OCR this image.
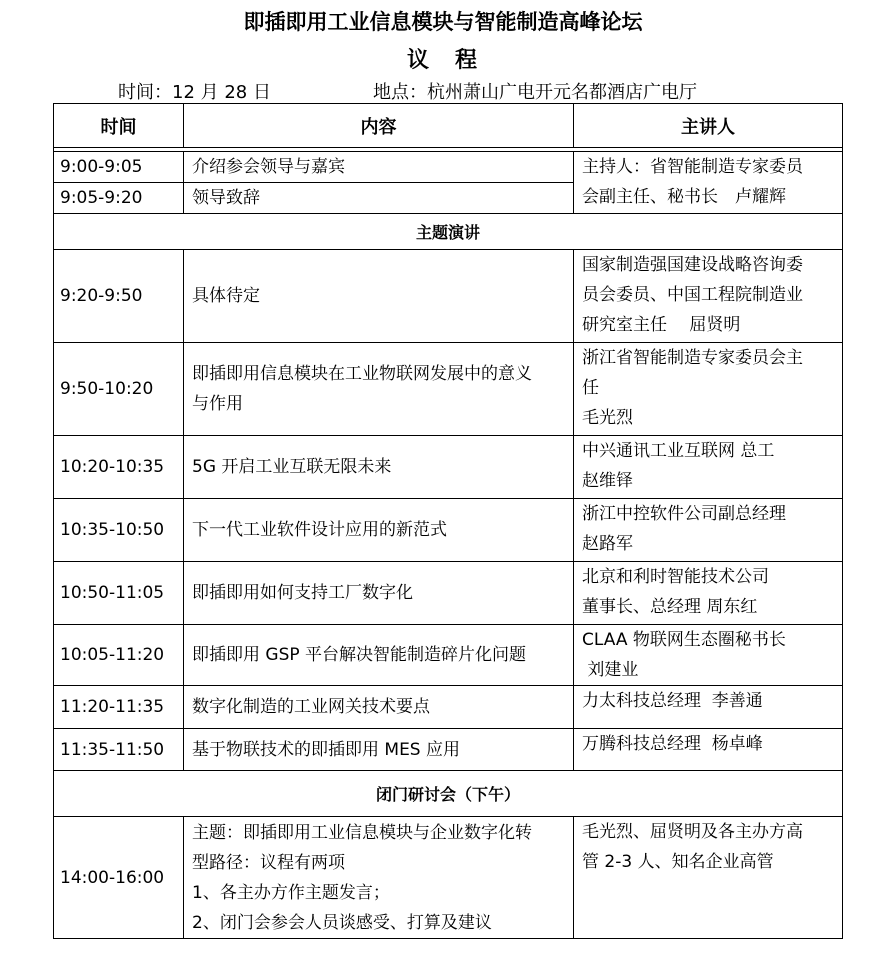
即插即用工业信息模块与智能制造高峰论坛
议　程
时间：12 月 28 日	地点：杭州萧山广电开元名都酒店广电厅
时间	内容	主讲人

9:00-9:05	介绍参会领导与嘉宾	主持人：省智能制造专家委员
会副主任、秘书长　卢耀辉

9:05-9:20	领导致辞	
主题演讲		
9:20-9:50	具体待定	国家制造强国建设战略咨询委
员会委员、中国工程院制造业
研究室主任　 屈贤明

9:50-10:20	即插即用信息模块在工业物联网发展中的意义
与作用	浙江省智能制造专家委员会主
任
毛光烈

10:20-10:35	5G 开启工业互联无限未来	中兴通讯工业互联网 总工
赵维铎

10:35-10:50	下一代工业软件设计应用的新范式	浙江中控软件公司副总经理
赵路军

10:50-11:05	即插即用如何支持工厂数字化	北京和利时智能技术公司
董事长、总经理 周东红

10:05-11:20	即插即用 GSP 平台解决智能制造碎片化问题	CLAA 物联网生态圈秘书长
刘建业

11:20-11:35	数字化制造的工业网关技术要点	力太科技总经理  李善通
11:35-11:50	基于物联技术的即插即用 MES 应用	万腾科技总经理  杨卓峰
闭门研讨会（下午）		
14:00-16:00	主题：即插即用工业信息模块与企业数字化转
型路径：议程有两项
1、各主办方作主题发言；
2、闭门会参会人员谈感受、打算及建议	毛光烈、屈贤明及各主办方高
管 2-3 人、知名企业高管
